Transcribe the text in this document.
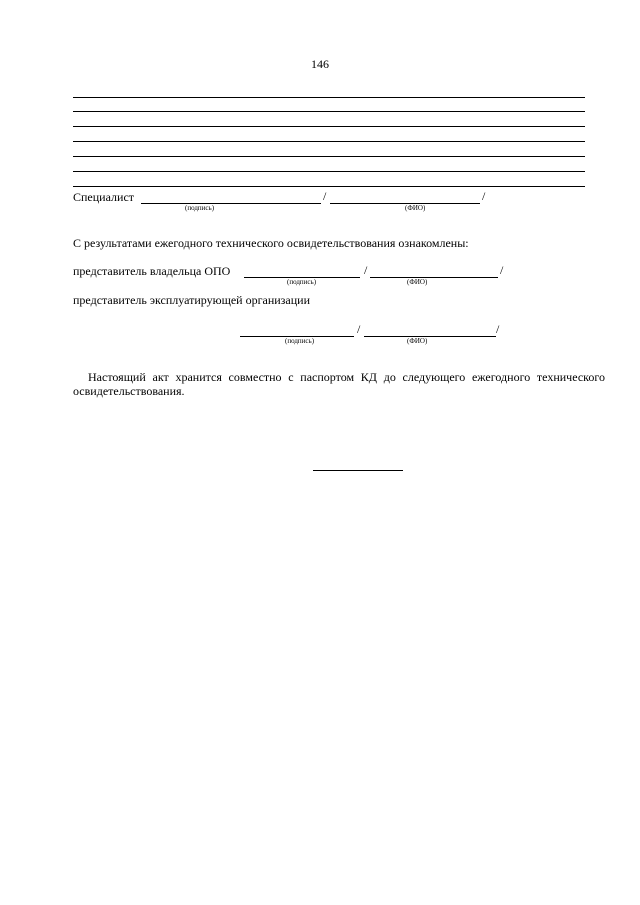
146
Специалист	/	/
(подпись)	(ФИО)
С результатами ежегодного технического освидетельствования ознакомлены:
представитель владельца ОПО	/	/
(подпись)	(ФИО)
представитель эксплуатирующей организации
/	/
(подпись)	(ФИО)
Настоящий акт хранится совместно с паспортом КД до следующего ежегодного технического освидетельствования.
